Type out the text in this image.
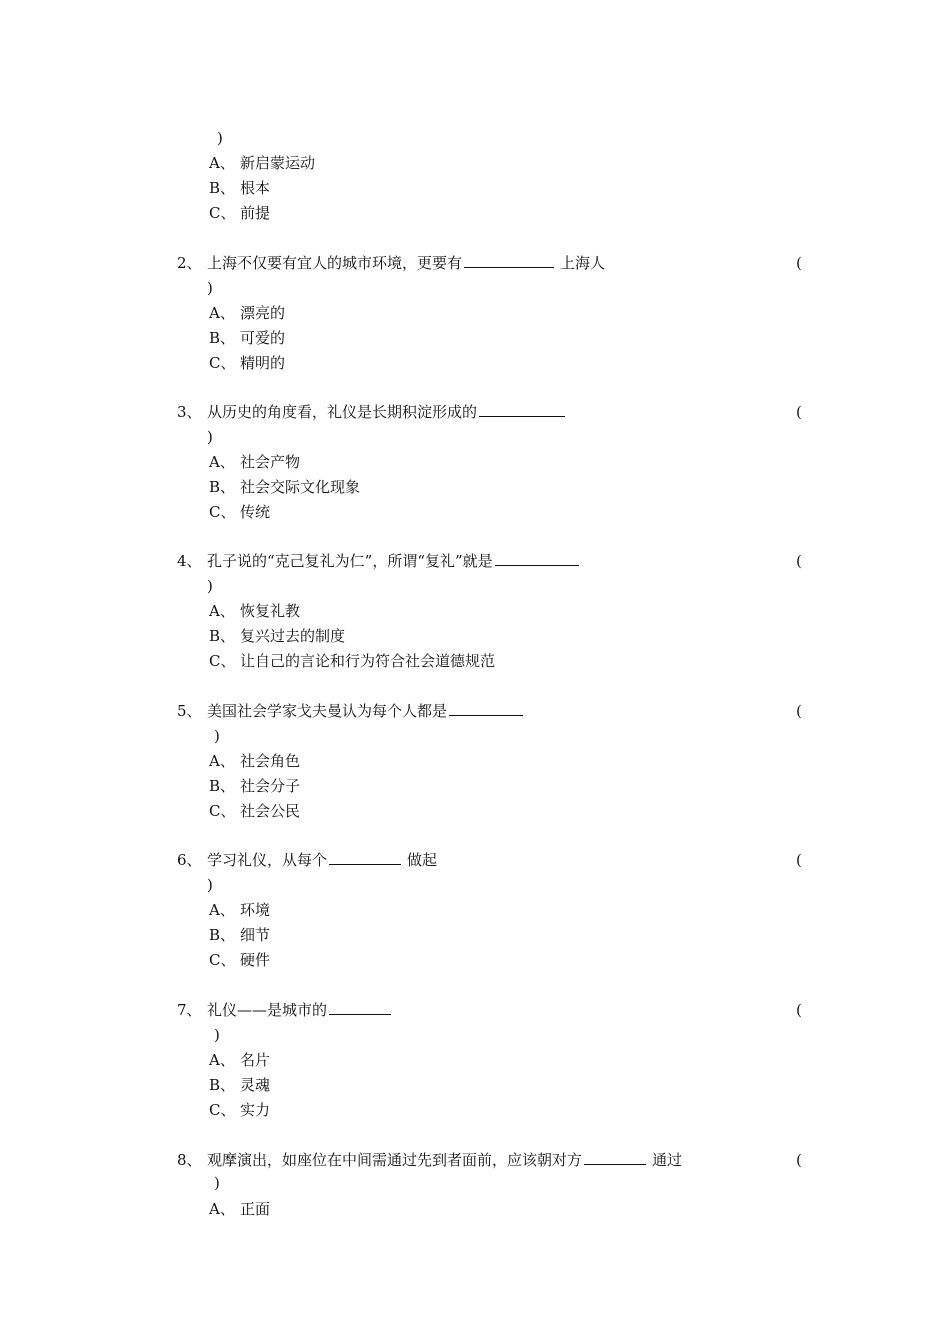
)
A、 新启蒙运动
B、 根本
C、 前提
2、 上海不仅要有宜人的城市环境，更要有	上海人	(
)
A、 漂亮的
B、 可爱的
C、 精明的
3、 从历史的角度看，礼仪是长期积淀形成的	(
)
A、 社会产物
B、 社会交际文化现象
C、 传统
4、 孔子说的“克己复礼为仁”，所谓“复礼”就是	(
)
A、 恢复礼教
B、 复兴过去的制度
C、 让自己的言论和行为符合社会道德规范
5、 美国社会学家戈夫曼认为每个人都是	(
)
A、 社会角色
B、 社会分子
C、 社会公民
6、 学习礼仪，从每个	做起	(
)
A、 环境
B、 细节
C、 硬件
7、 礼仪——是城市的	(
)
A、 名片
B、 灵魂
C、 实力
8、 观摩演出，如座位在中间需通过先到者面前，应该朝对方	通过	(
)
A、 正面
